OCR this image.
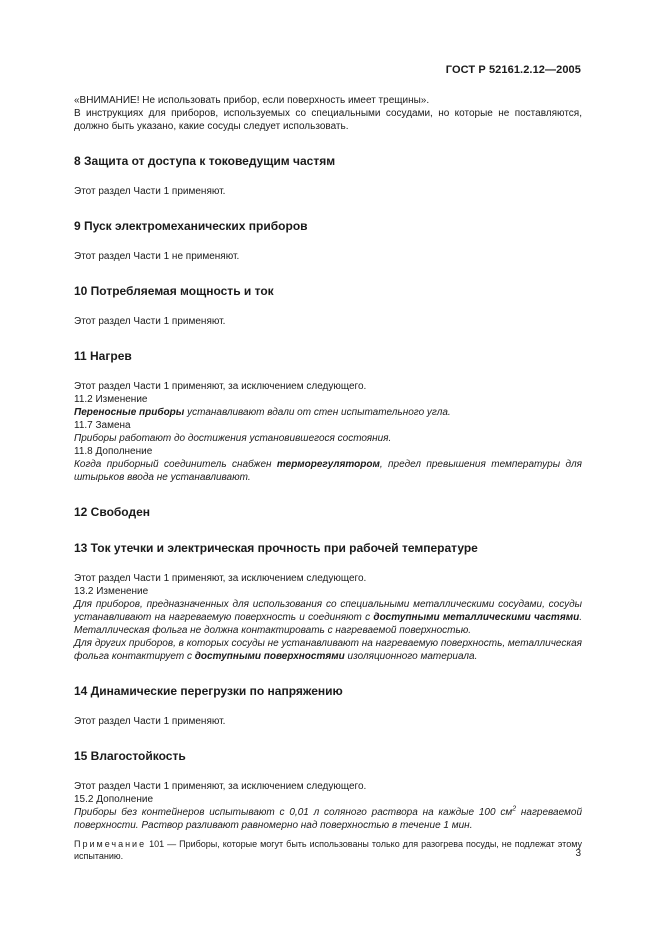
ГОСТ Р 52161.2.12—2005

«ВНИМАНИЕ! Не использовать прибор, если поверхность имеет трещины».

В инструкциях для приборов, используемых со специальными сосудами, но которые не поставляются, должно быть указано, какие сосуды следует использовать.

8 Защита от доступа к токоведущим частям

Этот раздел Части 1 применяют.

9 Пуск электромеханических приборов

Этот раздел Части 1 не применяют.

10 Потребляемая мощность и ток

Этот раздел Части 1 применяют.

11 Нагрев

Этот раздел Части 1 применяют, за исключением следующего.

11.2 Изменение

Переносные приборы устанавливают вдали от стен испытательного угла.

11.7 Замена

Приборы работают до достижения установившегося состояния.

11.8 Дополнение

Когда приборный соединитель снабжен терморегулятором, предел превышения температуры для штырьков ввода не устанавливают.

12 Свободен
13 Ток утечки и электрическая прочность при рабочей температуре

Этот раздел Части 1 применяют, за исключением следующего.

13.2 Изменение

Для приборов, предназначенных для использования со специальными металлическими сосудами, сосуды устанавливают на нагреваемую поверхность и соединяют с доступными металлическими частями. Металлическая фольга не должна контактировать с нагреваемой поверхностью.

Для других приборов, в которых сосуды не устанавливают на нагреваемую поверхность, металлическая фольга контактирует с доступными поверхностями изоляционного материала.

14 Динамические перегрузки по напряжению

Этот раздел Части 1 применяют.

15 Влагостойкость

Этот раздел Части 1 применяют, за исключением следующего.

15.2 Дополнение

Приборы без контейнеров испытывают с 0,01 л соляного раствора на каждые 100 $см^2$ нагреваемой поверхности. Раствор разливают равномерно над поверхностью в течение 1 мин.

Примечание 101 — Приборы, которые могут быть использованы только для разогрева посуды, не подлежат этому испытанию.	3
